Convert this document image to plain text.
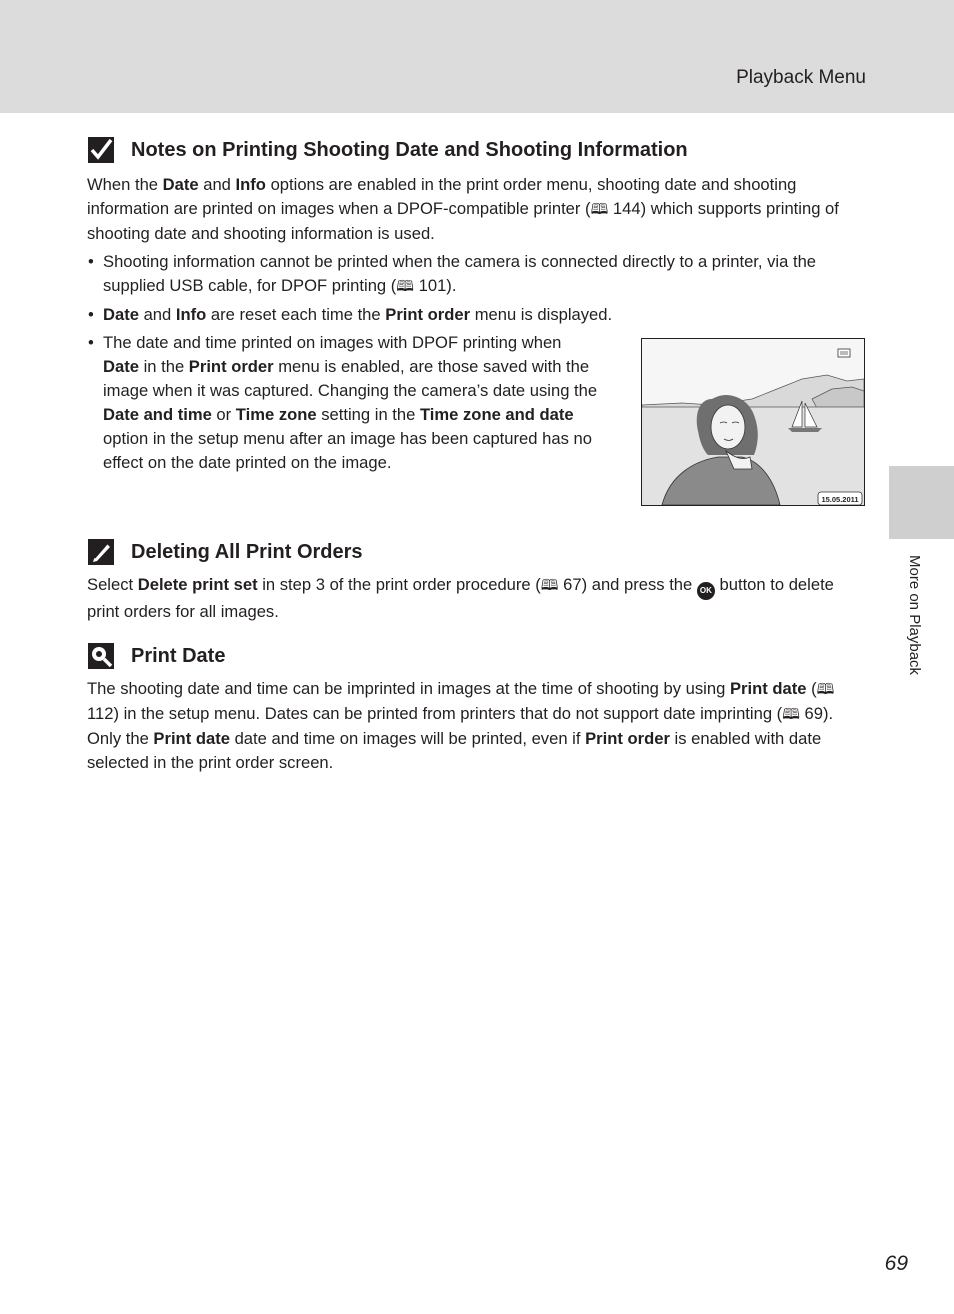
Playback Menu
More on Playback
Notes on Printing Shooting Date and Shooting Information

When the Date and Info options are enabled in the print order menu, shooting date and shooting information are printed on images when a DPOF-compatible printer (🕮 144) which supports printing of shooting date and shooting information is used.

• Shooting information cannot be printed when the camera is connected directly to a printer, via the supplied USB cable, for DPOF printing (🕮 101).
• Date and Info are reset each time the Print order menu is displayed.
• The date and time printed on images with DPOF printing when Date in the Print order menu is enabled, are those saved with the image when it was captured. Changing the camera’s date using the Date and time or Time zone setting in the Time zone and date option in the setup menu after an image has been captured has no effect on the date printed on the image.
15.05.2011
Deleting All Print Orders

Select Delete print set in step 3 of the print order procedure (🕮 67) and press the OK button to delete print orders for all images.

Print Date

The shooting date and time can be imprinted in images at the time of shooting by using Print date (🕮 112) in the setup menu. Dates can be printed from printers that do not support date imprinting (🕮 69). Only the Print date date and time on images will be printed, even if Print order is enabled with date selected in the print order screen.

69
